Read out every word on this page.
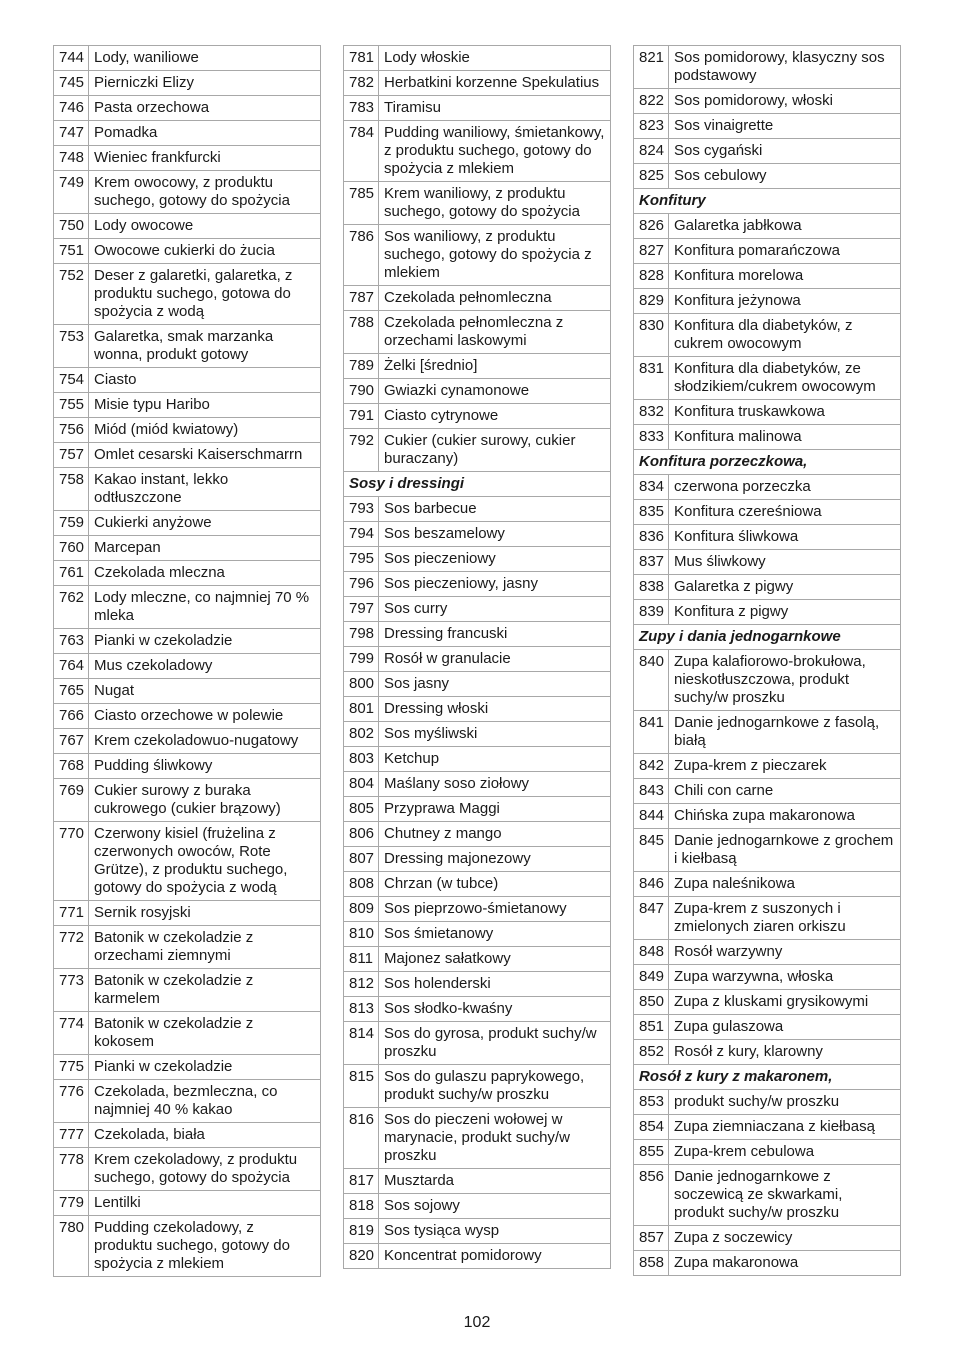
744	Lody, waniliowe
745	Pierniczki Elizy
746	Pasta orzechowa
747	Pomadka
748	Wieniec frankfurcki
749	Krem owocowy, z produktu suchego, gotowy do spożycia
750	Lody owocowe
751	Owocowe cukierki do żucia
752	Deser z galaretki, galaretka, z produktu suchego, gotowa do spożycia z wodą
753	Galaretka, smak marzanka wonna, produkt gotowy
754	Ciasto
755	Misie typu Haribo
756	Miód (miód kwiatowy)
757	Omlet cesarski Kaiserschmarrn
758	Kakao instant, lekko odtłuszczone
759	Cukierki anyżowe
760	Marcepan
761	Czekolada mleczna
762	Lody mleczne, co najmniej 70 % mleka
763	Pianki w czekoladzie
764	Mus czekoladowy
765	Nugat
766	Ciasto orzechowe w polewie
767	Krem czekoladowuo-nugatowy
768	Pudding śliwkowy
769	Cukier surowy z buraka cukrowego (cukier brązowy)
770	Czerwony kisiel (frużelina z czerwonych owoców, Rote Grütze), z produktu suchego, gotowy do spożycia z wodą
771	Sernik rosyjski
772	Batonik w czekoladzie z orzechami ziemnymi
773	Batonik w czekoladzie z karmelem
774	Batonik w czekoladzie z kokosem
775	Pianki w czekoladzie
776	Czekolada, bezmleczna, co najmniej 40 % kakao
777	Czekolada, biała
778	Krem czekoladowy, z produktu suchego, gotowy do spożycia
779	Lentilki
780	Pudding czekoladowy, z produktu suchego, gotowy do spożycia z mlekiem
781	Lody włoskie
782	Herbatkini korzenne Spekulatius
783	Tiramisu
784	Pudding waniliowy, śmietankowy, z produktu suchego, gotowy do spożycia z mlekiem
785	Krem waniliowy, z produktu suchego, gotowy do spożycia
786	Sos waniliowy, z produktu suchego, gotowy do spożycia z mlekiem
787	Czekolada pełnomleczna
788	Czekolada pełnomleczna z orzechami laskowymi
789	Żelki [średnio]
790	Gwiazki cynamonowe
791	Ciasto cytrynowe
792	Cukier (cukier surowy, cukier buraczany)
Sosy i dressingi	
793	Sos barbecue
794	Sos beszamelowy
795	Sos pieczeniowy
796	Sos pieczeniowy, jasny
797	Sos curry
798	Dressing francuski
799	Rosół w granulacie
800	Sos jasny
801	Dressing włoski
802	Sos myśliwski
803	Ketchup
804	Maślany soso ziołowy
805	Przyprawa Maggi
806	Chutney z mango
807	Dressing majonezowy
808	Chrzan (w tubce)
809	Sos pieprzowo-śmietanowy
810	Sos śmietanowy
811	Majonez sałatkowy
812	Sos holenderski
813	Sos słodko-kwaśny
814	Sos do gyrosa, produkt suchy/w proszku
815	Sos do gulaszu paprykowego, produkt suchy/w proszku
816	Sos do pieczeni wołowej w marynacie, produkt suchy/w proszku
817	Musztarda
818	Sos sojowy
819	Sos tysiąca wysp
820	Koncentrat pomidorowy
821	Sos pomidorowy, klasyczny sos podstawowy
822	Sos pomidorowy, włoski
823	Sos vinaigrette
824	Sos cygański
825	Sos cebulowy
Konfitury	
826	Galaretka jabłkowa
827	Konfitura pomarańczowa
828	Konfitura morelowa
829	Konfitura jeżynowa
830	Konfitura dla diabetyków, z cukrem owocowym
831	Konfitura dla diabetyków, ze słodzikiem/cukrem owocowym
832	Konfitura truskawkowa
833	Konfitura malinowa
Konfitura porzeczkowa,	
834	czerwona porzeczka
835	Konfitura czereśniowa
836	Konfitura śliwkowa
837	Mus śliwkowy
838	Galaretka z pigwy
839	Konfitura z pigwy
Zupy i dania jednogarnkowe	
840	Zupa kalafiorowo-brokułowa, nieskotłuszczowa, produkt suchy/w proszku
841	Danie jednogarnkowe z fasolą, białą
842	Zupa-krem z pieczarek
843	Chili con carne
844	Chińska zupa makaronowa
845	Danie jednogarnkowe z grochem i kiełbasą
846	Zupa naleśnikowa
847	Zupa-krem z suszonych i zmielonych ziaren orkiszu
848	Rosół warzywny
849	Zupa warzywna, włoska
850	Zupa z kluskami grysikowymi
851	Zupa gulaszowa
852	Rosół z kury, klarowny
Rosół z kury z makaronem,	
853	produkt suchy/w proszku
854	Zupa ziemniaczana z kiełbasą
855	Zupa-krem cebulowa
856	Danie jednogarnkowe z soczewicą ze skwarkami, produkt suchy/w proszku
857	Zupa z soczewicy
858	Zupa makaronowa
102
